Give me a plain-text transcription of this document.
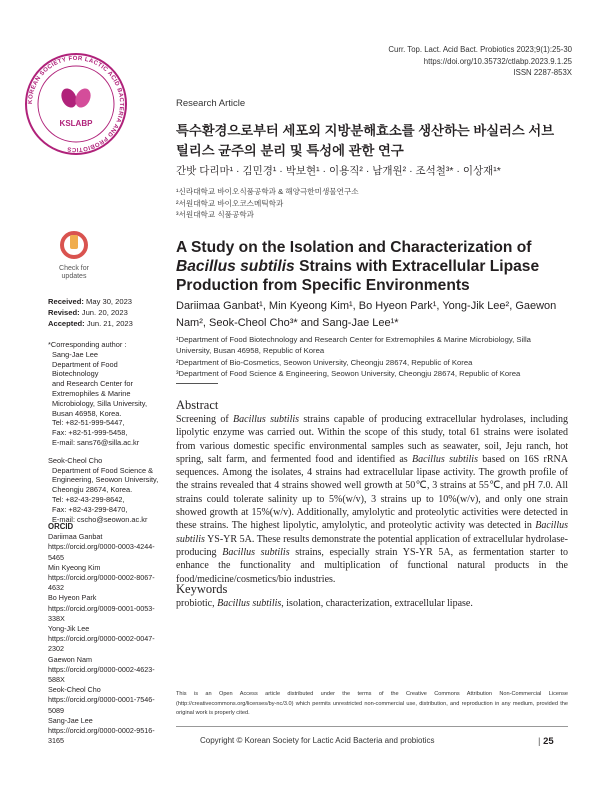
KOREAN SOCIETY FOR LACTIC ACID BACTERIA AND PROBIOTICS
KSLABP
Curr. Top. Lact. Acid Bact. Probiotics 2023;9(1):25-30
https://doi.org/10.35732/ctlabp.2023.9.1.25
ISSN 2287-853X
Research Article
특수환경으로부터 세포외 지방분해효소를 생산하는 바실러스 서브틸리스 균주의 분리 및 특성에 관한 연구
간밧 다리마¹ · 김민경¹ · 박보현¹ · 이용직² · 남개원² · 조석철³* · 이상재¹*
¹신라대학교 바이오식품공학과 & 해양극한미생물연구소
²서원대학교 바이오코스메틱학과
³서원대학교 식품공학과
A Study on the Isolation and Characterization of Bacillus subtilis Strains with Extracellular Lipase Production from Specific Environments
Dariimaa Ganbat¹, Min Kyeong Kim¹, Bo Hyeon Park¹, Yong-Jik Lee², Gaewon Nam², Seok-Cheol Cho³* and Sang-Jae Lee¹*
¹Department of Food Biotechnology and Research Center for Extremophiles & Marine Microbiology, Silla University, Busan 46958, Republic of Korea
²Department of Bio-Cosmetics, Seowon University, Cheongju 28674, Republic of Korea
³Department of Food Science & Engineering, Seowon University, Cheongju 28674, Republic of Korea
Abstract
Screening of Bacillus subtilis strains capable of producing extracellular hydrolases, including lipolytic enzyme was carried out. Within the scope of this study, total 61 strains were isolated from various domestic specific environmental samples such as seawater, soil, Jeju ranch, hot spring, salt farm, and fermented food and identified as Bacillus subtilis based on 16S rRNA sequences. Among the isolates, 4 strains had extracellular lipase activity. The growth profile of the strains revealed that 4 strains showed well growth at 50℃, 3 strains at 55℃, and pH 7.0. All strains could tolerate salinity up to 5%(w/v), 3 strains up to 10%(w/v), and only one strain showed growth at 15%(w/v). Additionally, amylolytic and proteolytic activities were detected in these strains. The highest lipolytic, amylolytic, and proteolytic activity was detected in Bacillus subtilis YS-YR 5A. These results demonstrate the potential application of extracellular hydrolase-producing Bacillus subtilis strains, especially strain YS-YR 5A, as fermentation starter to enhance the functionality and multiplication of functional natural products in the food/medicine/cosmetics/bio industries.
Keywords
probiotic, Bacillus subtilis, isolation, characterization, extracellular lipase.
Check for updates
Received: May 30, 2023
Revised: Jun. 20, 2023
Accepted: Jun. 21, 2023
*Corresponding author :
Sang-Jae Lee
Department of Food Biotechnology
and Research Center for
Extremophiles & Marine
Microbiology, Silla University,
Busan 46958, Korea.
Tel: +82-51-999-5447,
Fax: +82-51-999-5458,
E-mail: sans76@silla.ac.kr
Seok-Cheol Cho
Department of Food Science &
Engineering, Seowon University,
Cheongju 28674, Korea.
Tel: +82-43-299-8642,
Fax: +82-43-299-8470,
E-mail: cscho@seowon.ac.kr
ORCID
Dariimaa Ganbat
https://orcid.org/0000-0003-4244-5465
Min Kyeong Kim
https://orcid.org/0000-0002-8067-4632
Bo Hyeon Park
https://orcid.org/0009-0001-0053-338X
Yong-Jik Lee
https://orcid.org/0000-0002-0047-2302
Gaewon Nam
https://orcid.org/0000-0002-4623-588X
Seok-Cheol Cho
https://orcid.org/0000-0001-7546-5089
Sang-Jae Lee
https://orcid.org/0000-0002-9516-3165
This is an Open Access article distributed under the terms of the Creative Commons Attribution Non-Commercial License (http://creativecommons.org/licenses/by-nc/3.0) which permits unrestricted non-commercial use, distribution, and reproduction in any medium, provided the original work is properly cited.
Copyright © Korean Society for Lactic Acid Bacteria and probiotics
|	25
